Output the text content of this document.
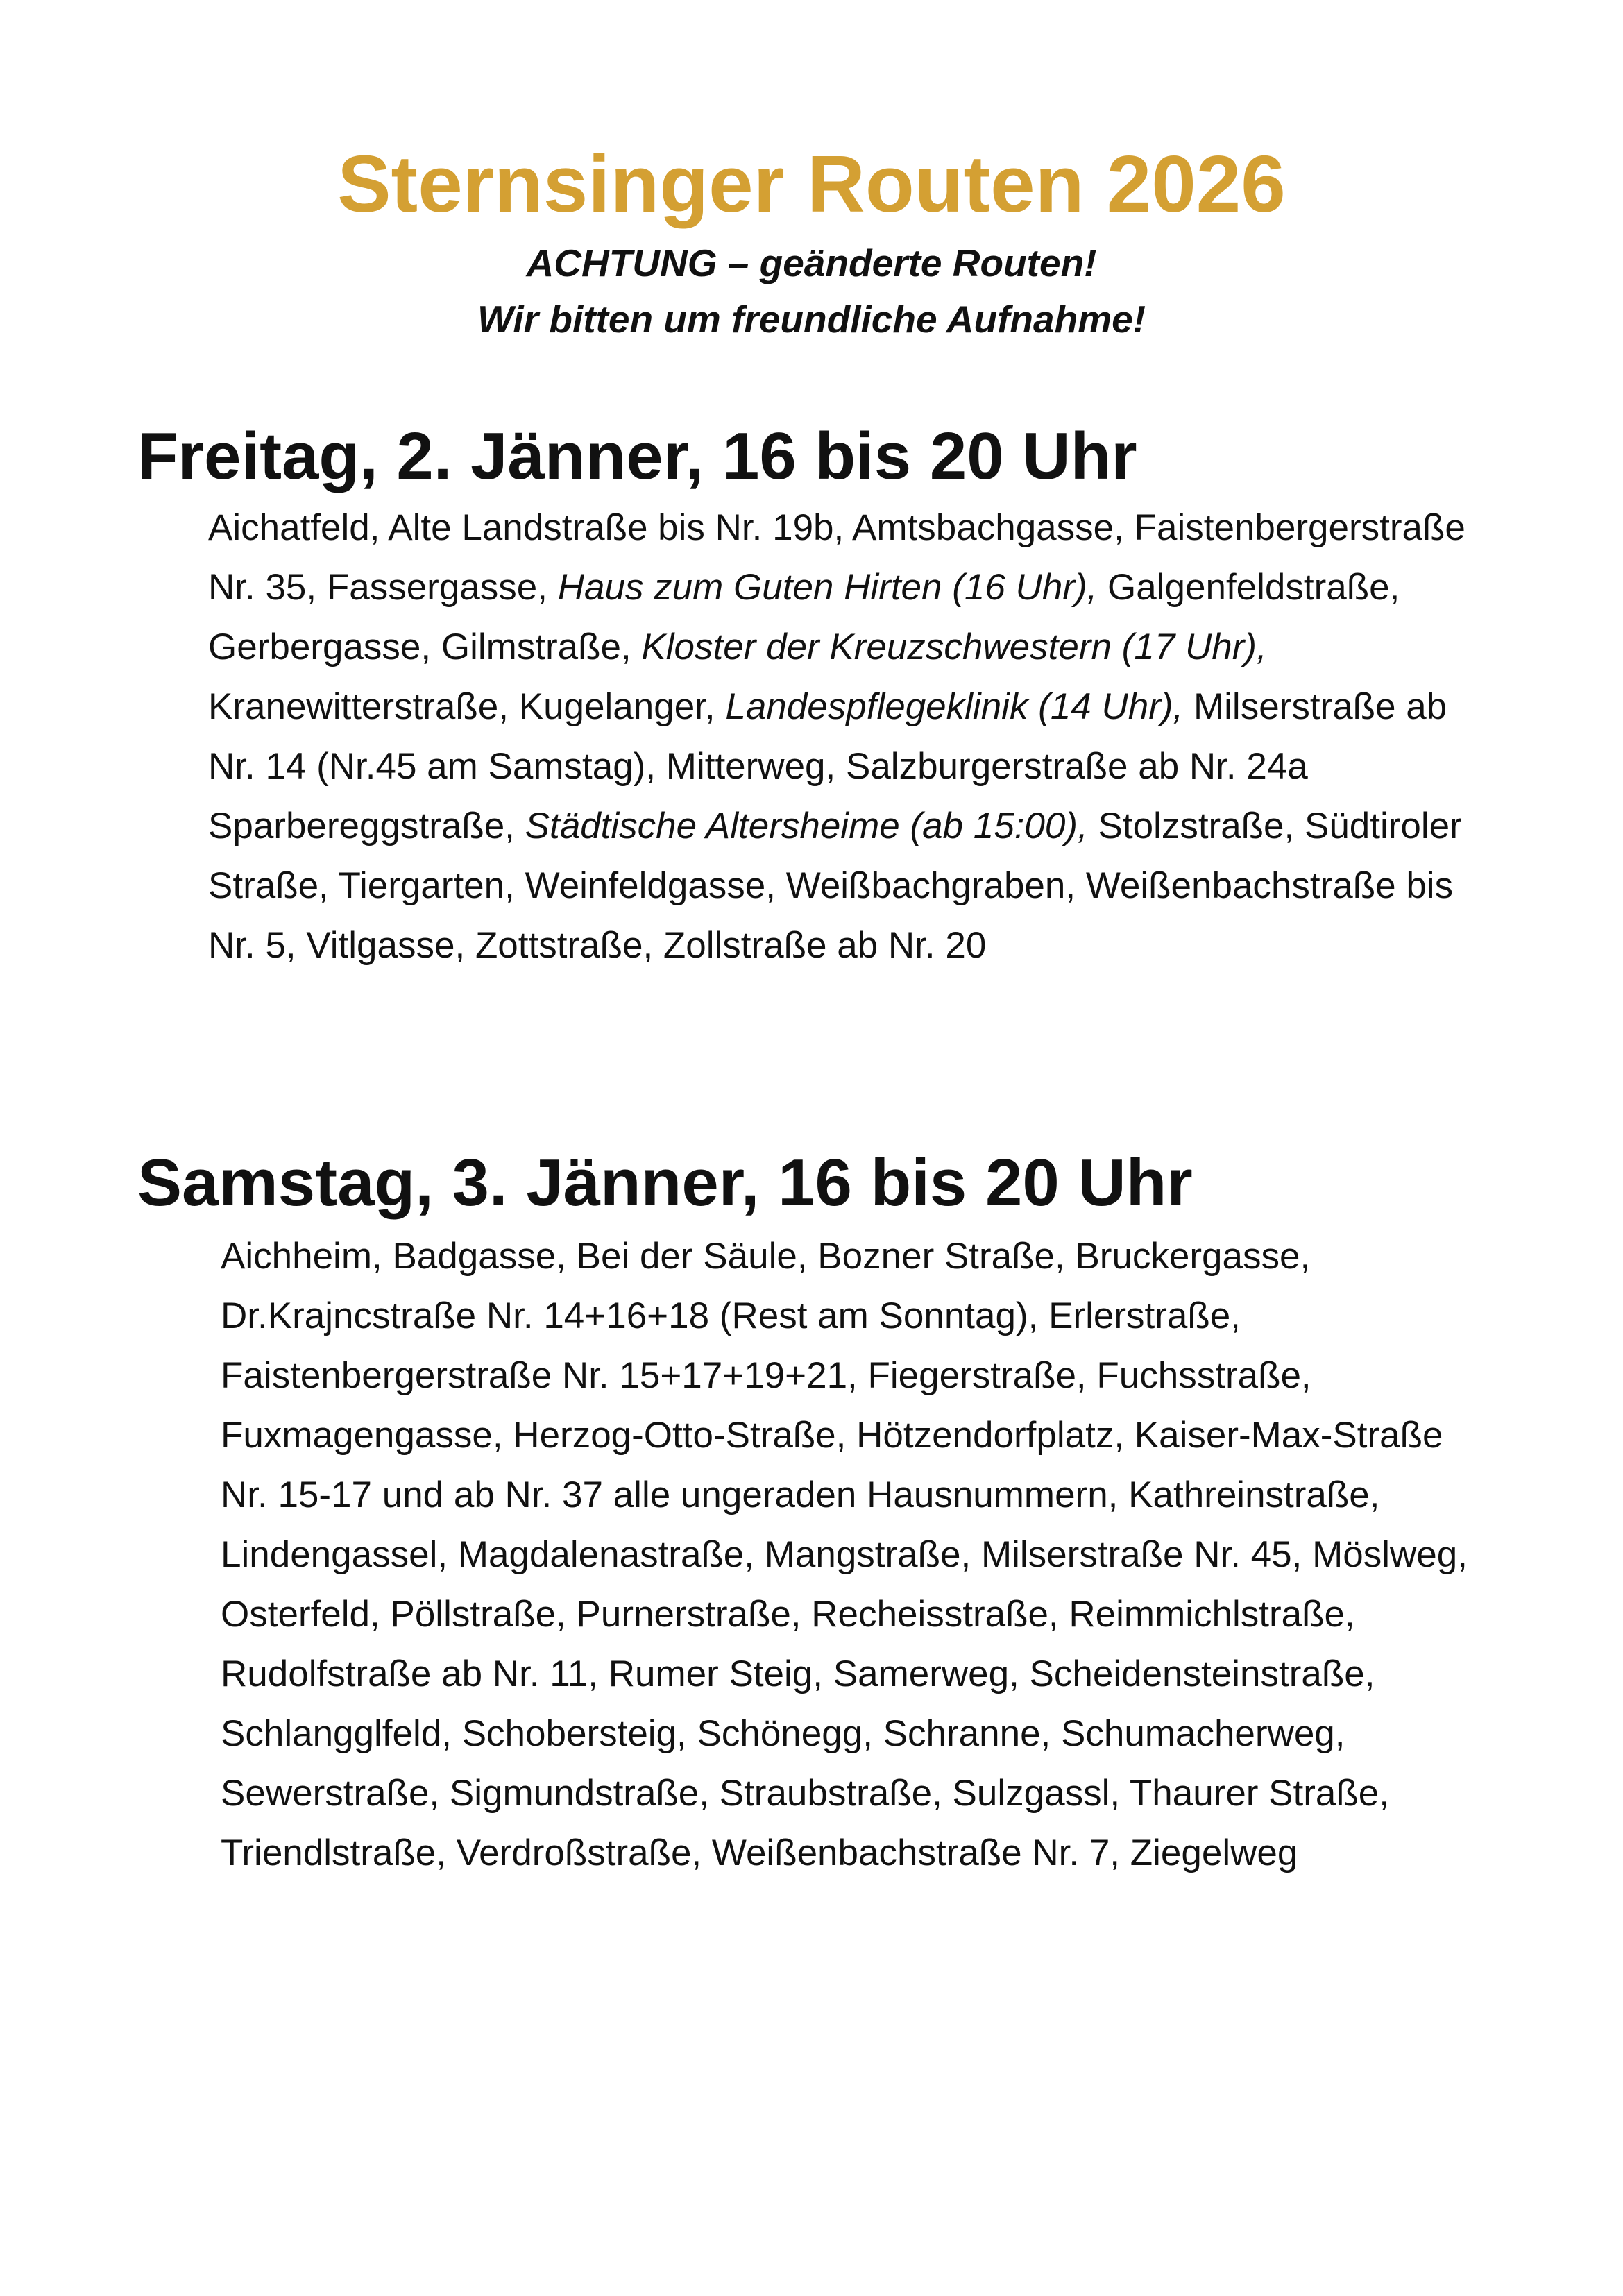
Sternsinger Routen 2026

ACHTUNG – geänderte Routen!

Wir bitten um freundliche Aufnahme!

Freitag, 2. Jänner, 16 bis 20 Uhr

Aichatfeld, Alte Landstraße bis Nr. 19b, Amtsbachgasse, Faistenbergerstraße Nr. 35, Fassergasse, Haus zum Guten Hirten (16 Uhr), Galgenfeldstraße, Gerbergasse, Gilmstraße, Kloster der Kreuzschwestern (17 Uhr), Kranewitterstraße, Kugelanger, Landespflegeklinik (14 Uhr), Milserstraße ab Nr. 14 (Nr.45 am Samstag), Mitterweg, Salzburgerstraße ab Nr. 24a Sparbereggstraße, Städtische Altersheime (ab 15:00), Stolzstraße, Südtiroler Straße, Tiergarten, Weinfeldgasse, Weißbachgraben, Weißenbachstraße bis Nr. 5, Vitlgasse, Zottstraße, Zollstraße ab Nr. 20

Samstag, 3. Jänner, 16 bis 20 Uhr

Aichheim, Badgasse, Bei der Säule, Bozner Straße, Bruckergasse, Dr.Krajncstraße Nr. 14+16+18 (Rest am Sonntag), Erlerstraße, Faistenbergerstraße Nr. 15+17+19+21, Fiegerstraße, Fuchsstraße, Fuxmagengasse, Herzog-Otto-Straße, Hötzendorfplatz, Kaiser-Max-Straße Nr. 15-17 und ab Nr. 37 alle ungeraden Hausnummern, Kathreinstraße, Lindengassel, Magdalenastraße, Mangstraße, Milserstraße Nr. 45, Möslweg, Osterfeld, Pöllstraße, Purnerstraße, Recheisstraße, Reimmichlstraße, Rudolfstraße ab Nr. 11, Rumer Steig, Samerweg, Scheidensteinstraße, Schlangglfeld, Schobersteig, Schönegg, Schranne, Schumacherweg, Sewerstraße, Sigmundstraße, Straubstraße, Sulzgassl, Thaurer Straße, Triendlstraße, Verdroßstraße, Weißenbachstraße Nr. 7, Ziegelweg
